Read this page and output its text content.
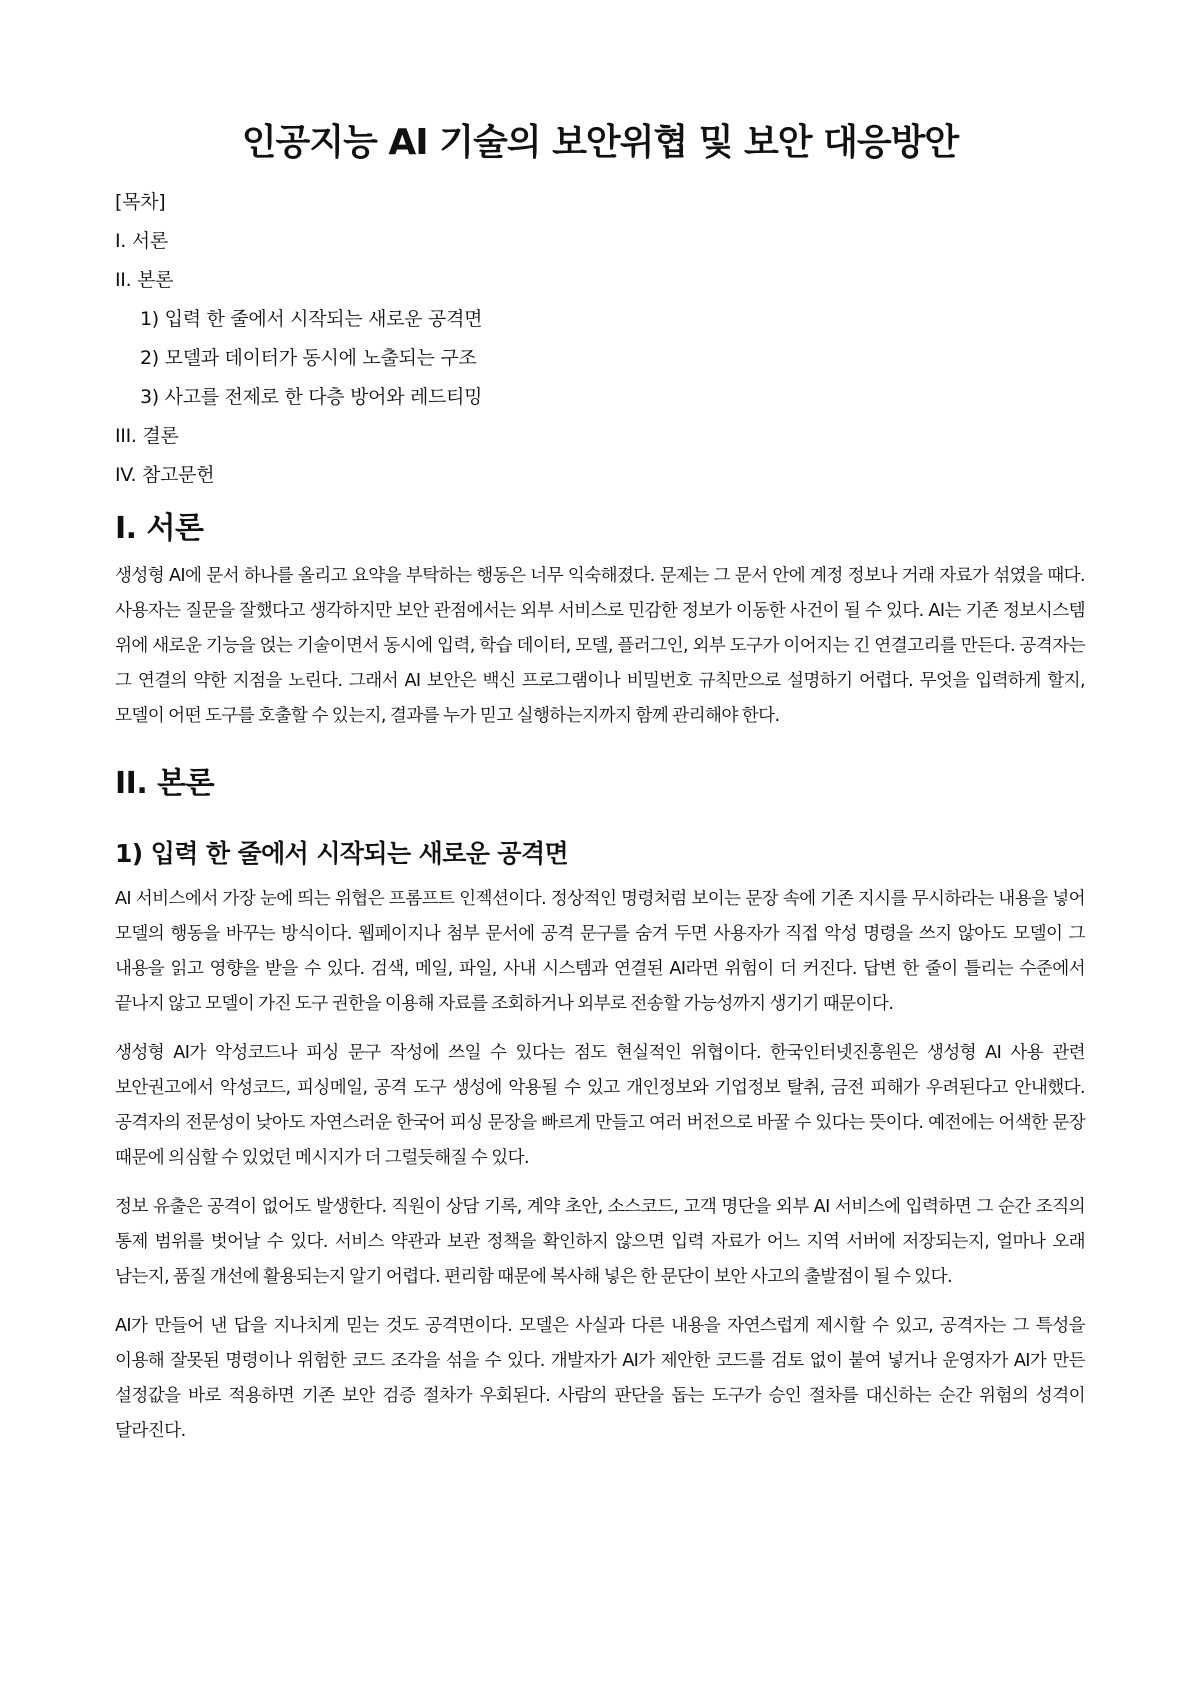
인공지능 AI 기술의 보안위협 및 보안 대응방안
[목차]
I. 서론
II. 본론
1) 입력 한 줄에서 시작되는 새로운 공격면
2) 모델과 데이터가 동시에 노출되는 구조
3) 사고를 전제로 한 다층 방어와 레드티밍
III. 결론
IV. 참고문헌
I. 서론

생성형 AI에 문서 하나를 올리고 요약을 부탁하는 행동은 너무 익숙해졌다. 문제는 그 문서 안에 계정 정보나 거래 자료가 섞였을 때다. 사용자는 질문을 잘했다고 생각하지만 보안 관점에서는 외부 서비스로 민감한 정보가 이동한 사건이 될 수 있다. AI는 기존 정보시스템 위에 새로운 기능을 얹는 기술이면서 동시에 입력, 학습 데이터, 모델, 플러그인, 외부 도구가 이어지는 긴 연결고리를 만든다. 공격자는 그 연결의 약한 지점을 노린다. 그래서 AI 보안은 백신 프로그램이나 비밀번호 규칙만으로 설명하기 어렵다. 무엇을 입력하게 할지, 모델이 어떤 도구를 호출할 수 있는지, 결과를 누가 믿고 실행하는지까지 함께 관리해야 한다.

II. 본론
1) 입력 한 줄에서 시작되는 새로운 공격면

AI 서비스에서 가장 눈에 띄는 위협은 프롬프트 인젝션이다. 정상적인 명령처럼 보이는 문장 속에 기존 지시를 무시하라는 내용을 넣어 모델의 행동을 바꾸는 방식이다. 웹페이지나 첨부 문서에 공격 문구를 숨겨 두면 사용자가 직접 악성 명령을 쓰지 않아도 모델이 그 내용을 읽고 영향을 받을 수 있다. 검색, 메일, 파일, 사내 시스템과 연결된 AI라면 위험이 더 커진다. 답변 한 줄이 틀리는 수준에서 끝나지 않고 모델이 가진 도구 권한을 이용해 자료를 조회하거나 외부로 전송할 가능성까지 생기기 때문이다.

생성형 AI가 악성코드나 피싱 문구 작성에 쓰일 수 있다는 점도 현실적인 위협이다. 한국인터넷진흥원은 생성형 AI 사용 관련 보안권고에서 악성코드, 피싱메일, 공격 도구 생성에 악용될 수 있고 개인정보와 기업정보 탈취, 금전 피해가 우려된다고 안내했다. 공격자의 전문성이 낮아도 자연스러운 한국어 피싱 문장을 빠르게 만들고 여러 버전으로 바꿀 수 있다는 뜻이다. 예전에는 어색한 문장 때문에 의심할 수 있었던 메시지가 더 그럴듯해질 수 있다.

정보 유출은 공격이 없어도 발생한다. 직원이 상담 기록, 계약 초안, 소스코드, 고객 명단을 외부 AI 서비스에 입력하면 그 순간 조직의 통제 범위를 벗어날 수 있다. 서비스 약관과 보관 정책을 확인하지 않으면 입력 자료가 어느 지역 서버에 저장되는지, 얼마나 오래 남는지, 품질 개선에 활용되는지 알기 어렵다. 편리함 때문에 복사해 넣은 한 문단이 보안 사고의 출발점이 될 수 있다.

AI가 만들어 낸 답을 지나치게 믿는 것도 공격면이다. 모델은 사실과 다른 내용을 자연스럽게 제시할 수 있고, 공격자는 그 특성을 이용해 잘못된 명령이나 위험한 코드 조각을 섞을 수 있다. 개발자가 AI가 제안한 코드를 검토 없이 붙여 넣거나 운영자가 AI가 만든 설정값을 바로 적용하면 기존 보안 검증 절차가 우회된다. 사람의 판단을 돕는 도구가 승인 절차를 대신하는 순간 위험의 성격이 달라진다.
